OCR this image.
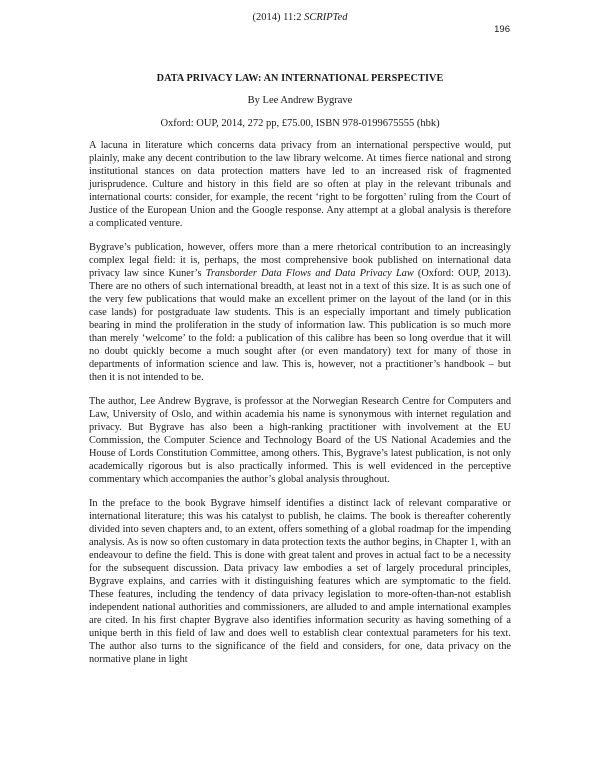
(2014) 11:2 SCRIPTed
196
DATA PRIVACY LAW: AN INTERNATIONAL PERSPECTIVE
By Lee Andrew Bygrave
Oxford: OUP, 2014, 272 pp, £75.00, ISBN 978-0199675555 (hbk)

A lacuna in literature which concerns data privacy from an international perspective would, put plainly, make any decent contribution to the law library welcome. At times fierce national and strong institutional stances on data protection matters have led to an increased risk of fragmented jurisprudence. Culture and history in this field are so often at play in the relevant tribunals and international courts: consider, for example, the recent ‘right to be forgotten’ ruling from the Court of Justice of the European Union and the Google response. Any attempt at a global analysis is therefore a complicated venture.

Bygrave’s publication, however, offers more than a mere rhetorical contribution to an increasingly complex legal field: it is, perhaps, the most comprehensive book published on international data privacy law since Kuner’s Transborder Data Flows and Data Privacy Law (Oxford: OUP, 2013). There are no others of such international breadth, at least not in a text of this size. It is as such one of the very few publications that would make an excellent primer on the layout of the land (or in this case lands) for postgraduate law students. This is an especially important and timely publication bearing in mind the proliferation in the study of information law. This publication is so much more than merely ‘welcome’ to the fold: a publication of this calibre has been so long overdue that it will no doubt quickly become a much sought after (or even mandatory) text for many of those in departments of information science and law. This is, however, not a practitioner’s handbook – but then it is not intended to be.

The author, Lee Andrew Bygrave, is professor at the Norwegian Research Centre for Computers and Law, University of Oslo, and within academia his name is synonymous with internet regulation and privacy. But Bygrave has also been a high-ranking practitioner with involvement at the EU Commission, the Computer Science and Technology Board of the US National Academies and the House of Lords Constitution Committee, among others. This, Bygrave’s latest publication, is not only academically rigorous but is also practically informed. This is well evidenced in the perceptive commentary which accompanies the author’s global analysis throughout.

In the preface to the book Bygrave himself identifies a distinct lack of relevant comparative or international literature; this was his catalyst to publish, he claims. The book is thereafter coherently divided into seven chapters and, to an extent, offers something of a global roadmap for the impending analysis. As is now so often customary in data protection texts the author begins, in Chapter 1, with an endeavour to define the field. This is done with great talent and proves in actual fact to be a necessity for the subsequent discussion. Data privacy law embodies a set of largely procedural principles, Bygrave explains, and carries with it distinguishing features which are symptomatic to the field. These features, including the tendency of data privacy legislation to more-often-than-not establish independent national authorities and commissioners, are alluded to and ample international examples are cited. In his first chapter Bygrave also identifies information security as having something of a unique berth in this field of law and does well to establish clear contextual parameters for his text. The author also turns to the significance of the field and considers, for one, data privacy on the normative plane in light
